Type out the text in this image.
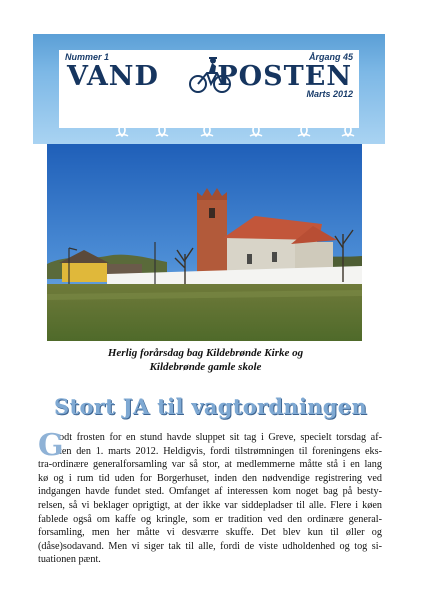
Nummer 1	Årgang 45
VAND POSTEN
Marts 2012
Herlig forårsdag bag Kildebrønde Kirke og
Kildebrønde gamle skole
Stort JA til vagtordningen
G
odt frosten for en stund havde sluppet sit tag i Greve, specielt torsdag af-
ten den 1. marts 2012. Heldigvis, fordi tilstrømningen til foreningens eks-
tra-ordinære generalforsamling var så stor, at medlemmerne måtte stå i en lang
kø og i rum tid uden for Borgerhuset, inden den nødvendige registrering ved
indgangen havde fundet sted. Omfanget af interessen kom noget bag på besty-
relsen, så vi beklager oprigtigt, at der ikke var siddepladser til alle. Flere i køen
fablede også om kaffe og kringle, som er tradition ved den ordinære general-
forsamling, men her måtte vi desværre skuffe. Det blev kun til øller og
(dåse)sodavand. Men vi siger tak til alle, fordi de viste udholdenhed og tog si-
tuationen pænt.
